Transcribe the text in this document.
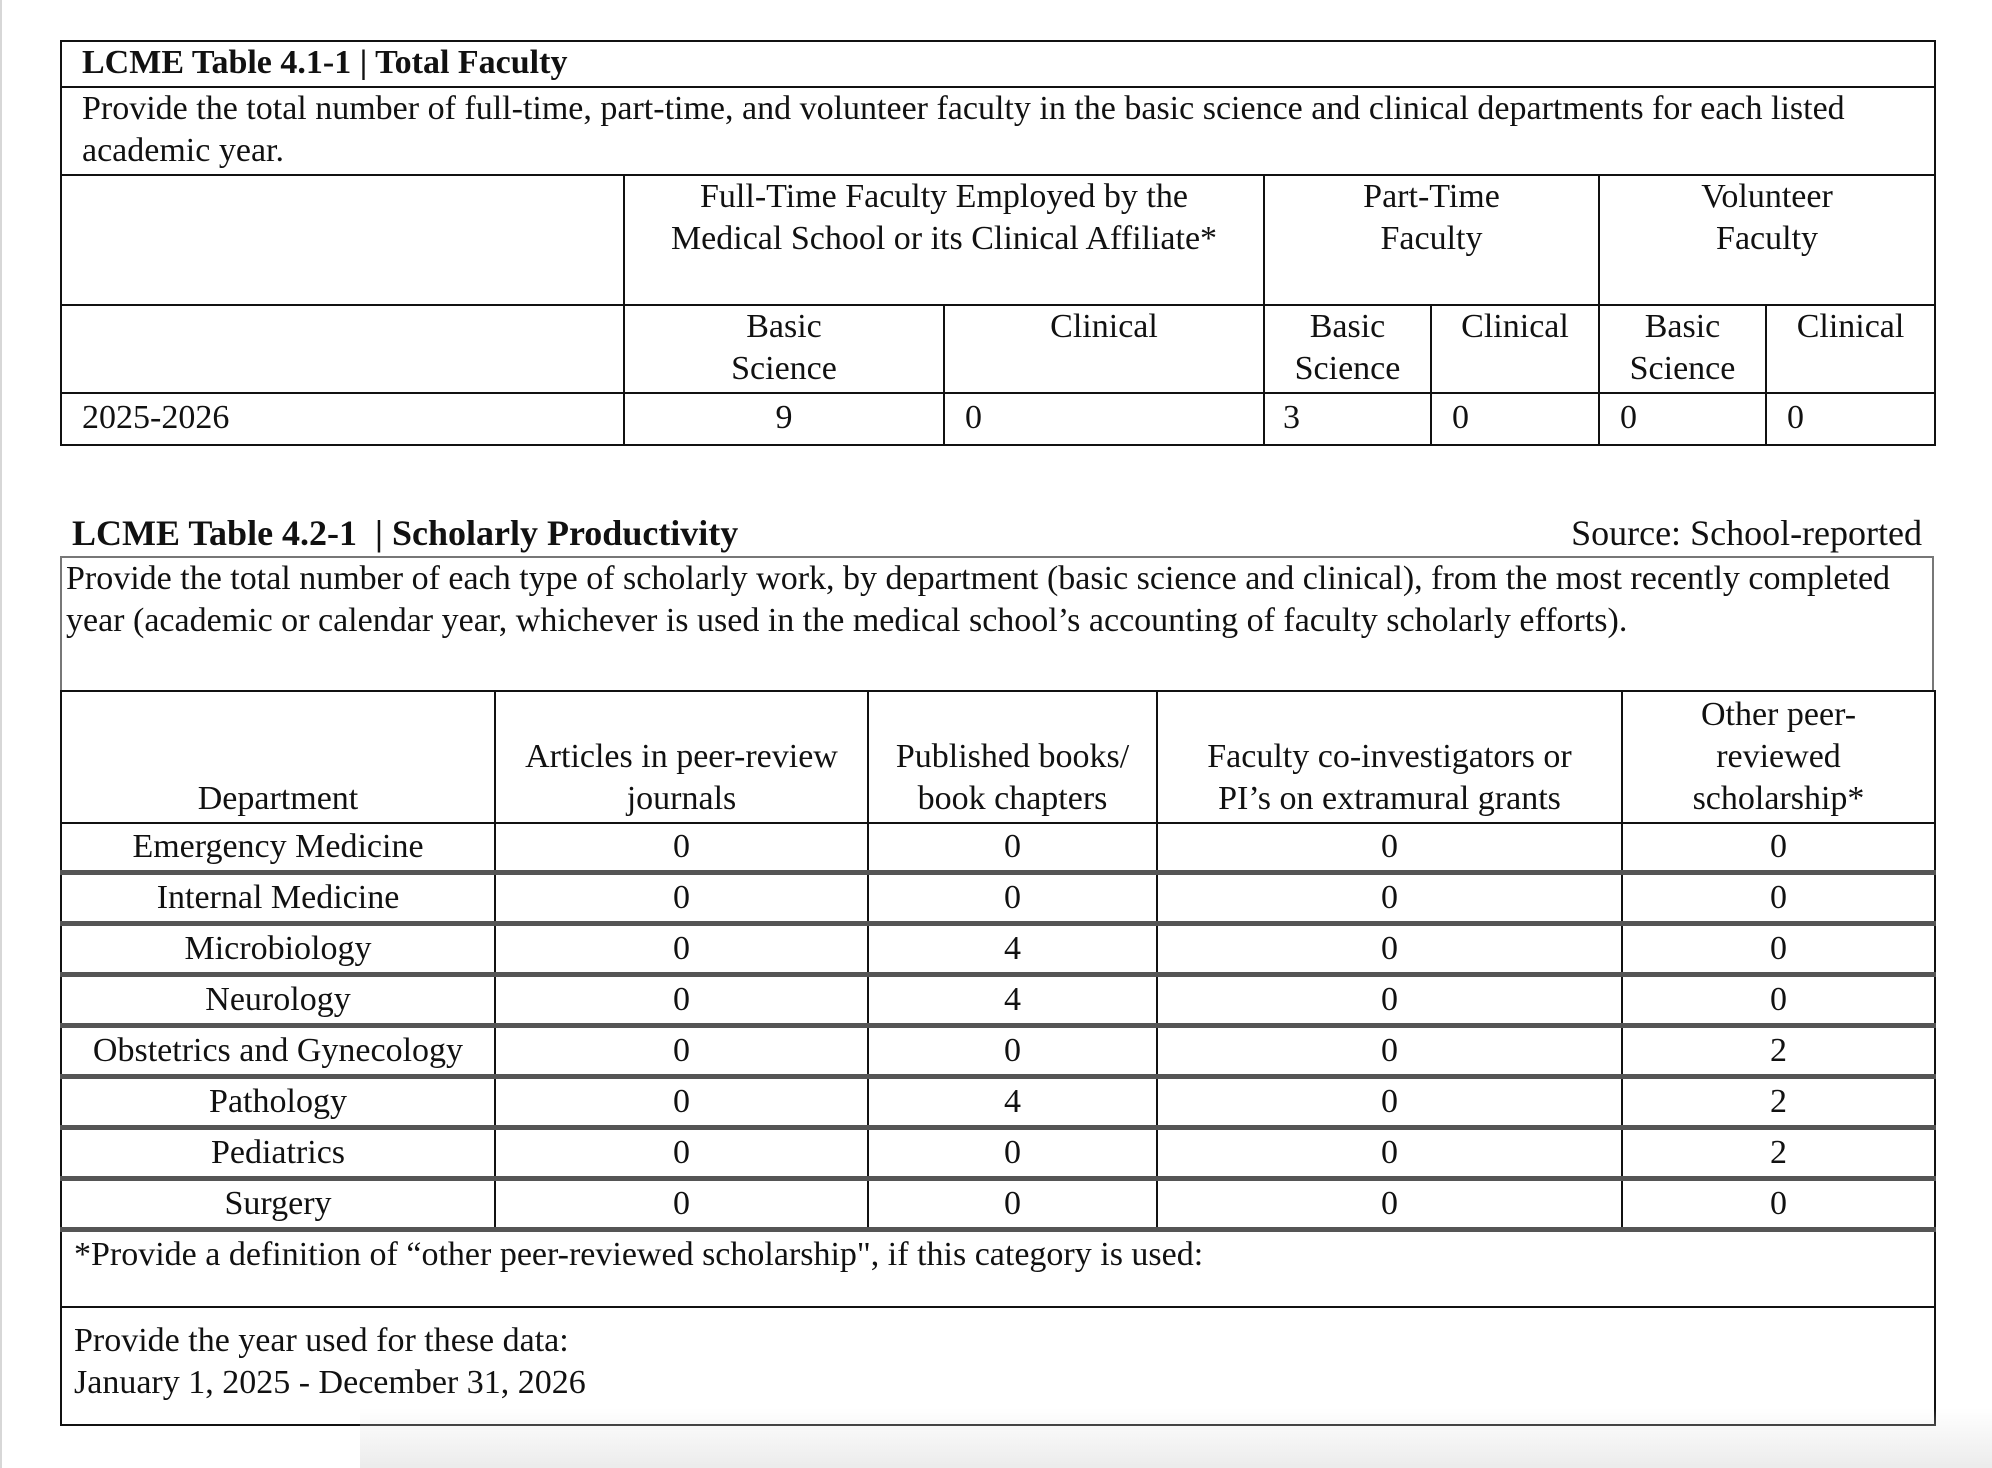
LCME Table 4.1-1 | Total Faculty						
Provide the total number of full-time, part-time, and volunteer faculty in the basic science and clinical departments for each listed academic year.						
	Full-Time Faculty Employed by the Medical School or its Clinical Affiliate*		Part-Time Faculty		Volunteer Faculty	
	Basic Science	Clinical	Basic Science	Clinical	Basic Science	Clinical
2025-2026	9	0	3	0	0	0
LCME Table 4.2-1 | Scholarly Productivity	Source: School-reported
Provide the total number of each type of scholarly work, by department (basic science and clinical), from the most recently completed year (academic or calendar year, whichever is used in the medical school’s accounting of faculty scholarly efforts).
Department	Articles in peer-review journals	Published books/ book chapters	Faculty co-investigators or PI’s on extramural grants	Other peer-reviewed scholarship*
Emergency Medicine	0	0	0	0
Internal Medicine	0	0	0	0
Microbiology	0	4	0	0
Neurology	0	4	0	0
Obstetrics and Gynecology	0	0	0	2
Pathology	0	4	0	2
Pediatrics	0	0	0	2
Surgery	0	0	0	0
*Provide a definition of “other peer-reviewed scholarship", if this category is used:				

Provide the year used for these data:
January 1, 2025 - December 31, 2026				
